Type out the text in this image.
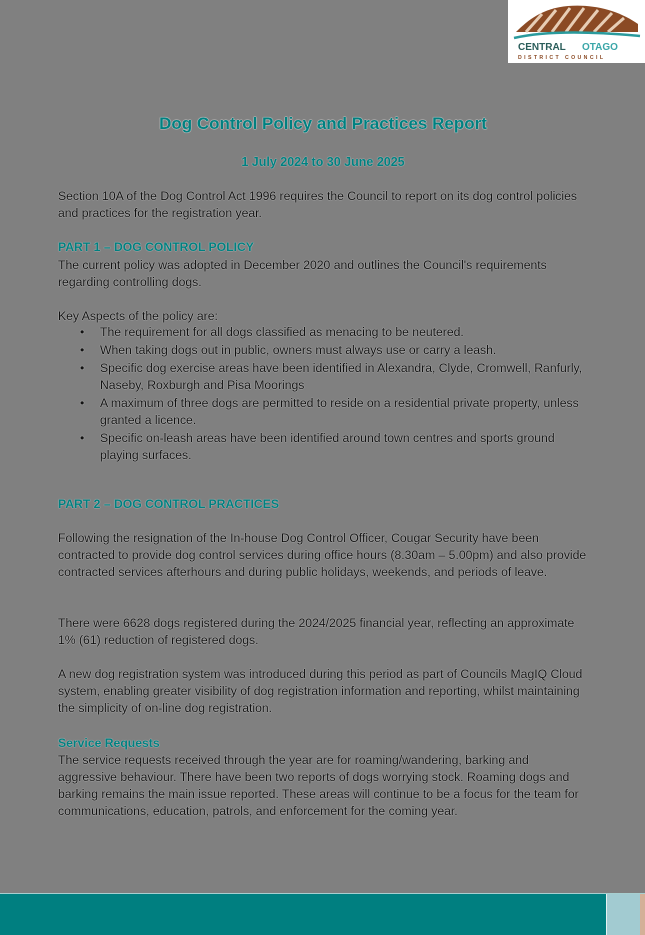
CENTRAL OTAGO
DISTRICT COUNCIL
Dog Control Policy and Practices Report
1 July 2024 to 30 June 2025
Section 10A of the Dog Control Act 1996 requires the Council to report on its dog control policies and practices for the registration year.
PART 1 – DOG CONTROL POLICY
The current policy was adopted in December 2020 and outlines the Council's requirements regarding controlling dogs.
Key Aspects of the policy are:
• The requirement for all dogs classified as menacing to be neutered.
• When taking dogs out in public, owners must always use or carry a leash.
• Specific dog exercise areas have been identified in Alexandra, Clyde, Cromwell, Ranfurly, Naseby, Roxburgh and Pisa Moorings
• A maximum of three dogs are permitted to reside on a residential private property, unless granted a licence.
• Specific on-leash areas have been identified around town centres and sports ground playing surfaces.
PART 2 – DOG CONTROL PRACTICES
Following the resignation of the In-house Dog Control Officer, Cougar Security have been contracted to provide dog control services during office hours (8.30am – 5.00pm) and also provide contracted services afterhours and during public holidays, weekends, and periods of leave.
There were 6628 dogs registered during the 2024/2025 financial year, reflecting an approximate 1% (61) reduction of registered dogs.
A new dog registration system was introduced during this period as part of Councils MagIQ Cloud system, enabling greater visibility of dog registration information and reporting, whilst maintaining the simplicity of on-line dog registration.
Service Requests
The service requests received through the year are for roaming/wandering, barking and aggressive behaviour. There have been two reports of dogs worrying stock. Roaming dogs and barking remains the main issue reported. These areas will continue to be a focus for the team for communications, education, patrols, and enforcement for the coming year.
